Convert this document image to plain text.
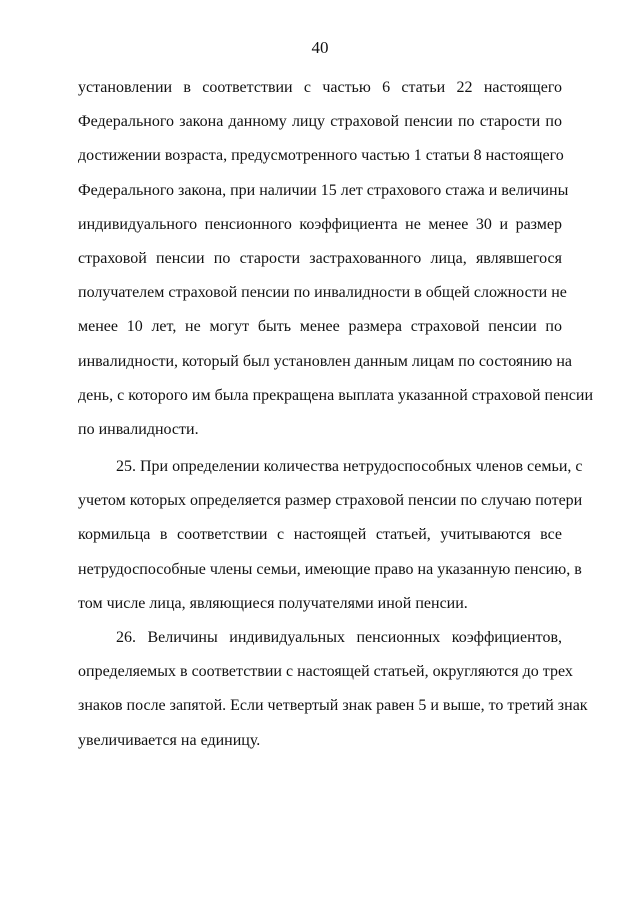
40
установлении в соответствии с частью 6 статьи 22 настоящего
Федерального закона данному лицу страховой пенсии по старости по
достижении возраста, предусмотренного частью 1 статьи 8 настоящего
Федерального закона, при наличии 15 лет страхового стажа и величины
индивидуального пенсионного коэффициента не менее 30 и размер
страховой пенсии по старости застрахованного лица, являвшегося
получателем страховой пенсии по инвалидности в общей сложности не
менее 10 лет, не могут быть менее размера страховой пенсии по
инвалидности, который был установлен данным лицам по состоянию на
день, с которого им была прекращена выплата указанной страховой пенсии
по инвалидности.
25. При определении количества нетрудоспособных членов семьи, с
учетом которых определяется размер страховой пенсии по случаю потери
кормильца в соответствии с настоящей статьей, учитываются все
нетрудоспособные члены семьи, имеющие право на указанную пенсию, в
том числе лица, являющиеся получателями иной пенсии.
26. Величины индивидуальных пенсионных коэффициентов,
определяемых в соответствии с настоящей статьей, округляются до трех
знаков после запятой. Если четвертый знак равен 5 и выше, то третий знак
увеличивается на единицу.
